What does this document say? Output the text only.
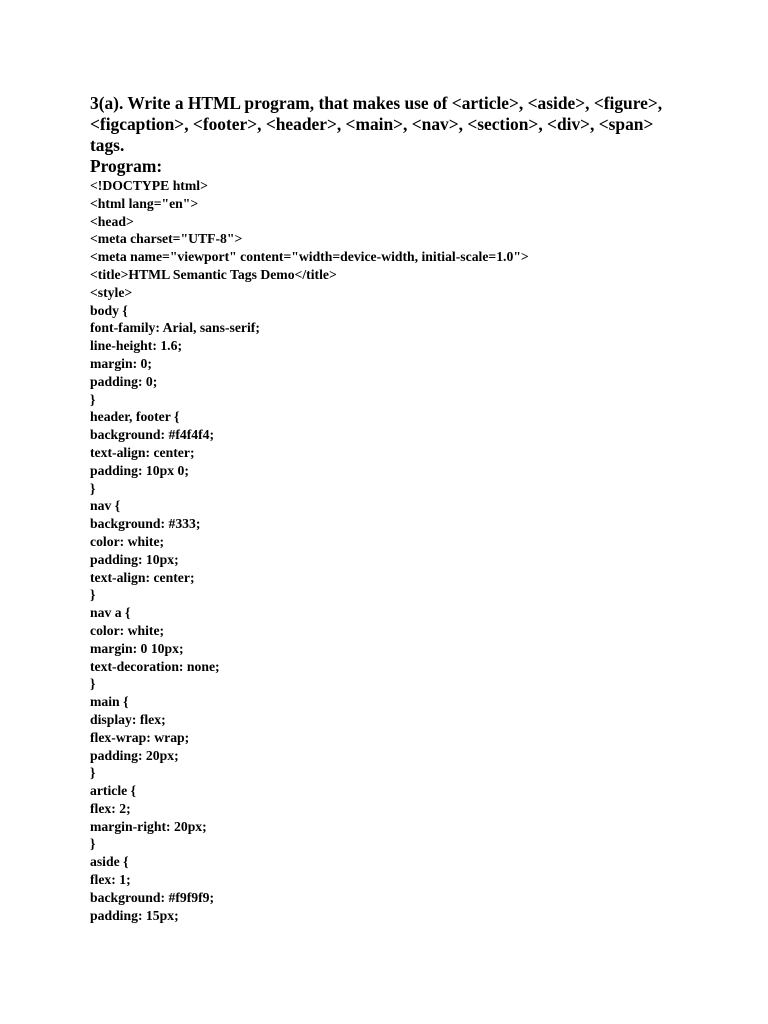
3(a). Write a HTML program, that makes use of <article>, <aside>, <figure>,
<figcaption>, <footer>, <header>, <main>, <nav>, <section>, <div>, <span>
tags.
Program:
<!DOCTYPE html>
<html lang="en">
<head>
<meta charset="UTF-8">
<meta name="viewport" content="width=device-width, initial-scale=1.0">
<title>HTML Semantic Tags Demo</title>
<style>
body {
font-family: Arial, sans-serif;
line-height: 1.6;
margin: 0;
padding: 0;
}
header, footer {
background: #f4f4f4;
text-align: center;
padding: 10px 0;
}
nav {
background: #333;
color: white;
padding: 10px;
text-align: center;
}
nav a {
color: white;
margin: 0 10px;
text-decoration: none;
}
main {
display: flex;
flex-wrap: wrap;
padding: 20px;
}
article {
flex: 2;
margin-right: 20px;
}
aside {
flex: 1;
background: #f9f9f9;
padding: 15px;
